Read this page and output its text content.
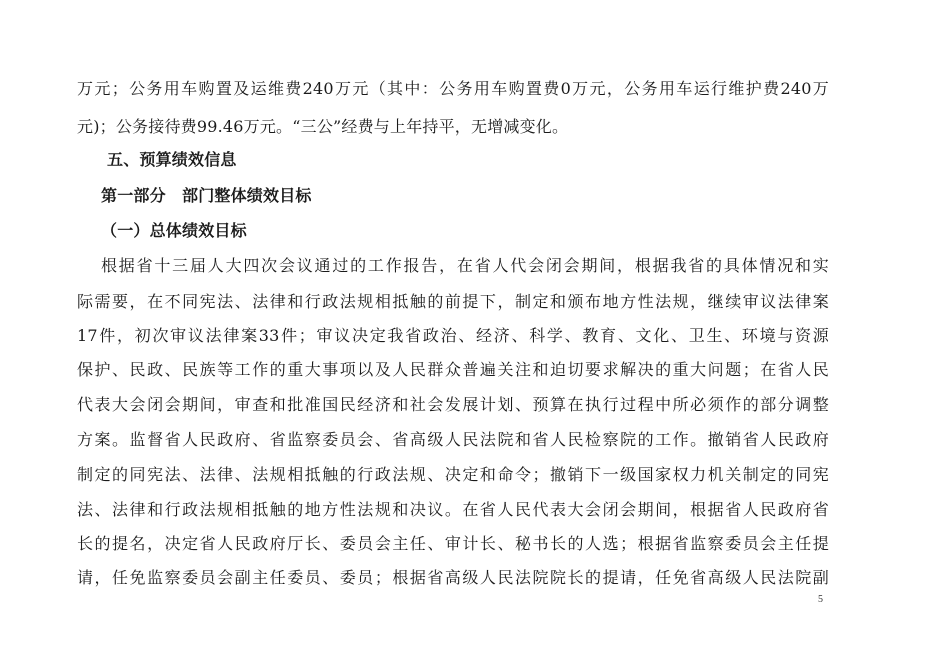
万元；公务用车购置及运维费240万元（其中：公务用车购置费0万元，公务用车运行维护费240万
元)；公务接待费99.46万元。“三公”经费与上年持平，无增减变化。
五、预算绩效信息
第一部分　部门整体绩效目标
（一）总体绩效目标
根据省十三届人大四次会议通过的工作报告，在省人代会闭会期间，根据我省的具体情况和实
际需要，在不同宪法、法律和行政法规相抵触的前提下，制定和颁布地方性法规，继续审议法律案
17件，初次审议法律案33件；审议决定我省政治、经济、科学、教育、文化、卫生、环境与资源
保护、民政、民族等工作的重大事项以及人民群众普遍关注和迫切要求解决的重大问题；在省人民
代表大会闭会期间，审查和批准国民经济和社会发展计划、预算在执行过程中所必须作的部分调整
方案。监督省人民政府、省监察委员会、省高级人民法院和省人民检察院的工作。撤销省人民政府
制定的同宪法、法律、法规相抵触的行政法规、决定和命令；撤销下一级国家权力机关制定的同宪
法、法律和行政法规相抵触的地方性法规和决议。在省人民代表大会闭会期间，根据省人民政府省
长的提名，决定省人民政府厅长、委员会主任、审计长、秘书长的人选；根据省监察委员会主任提
请，任免监察委员会副主任委员、委员；根据省高级人民法院院长的提请，任免省高级人民法院副
5
